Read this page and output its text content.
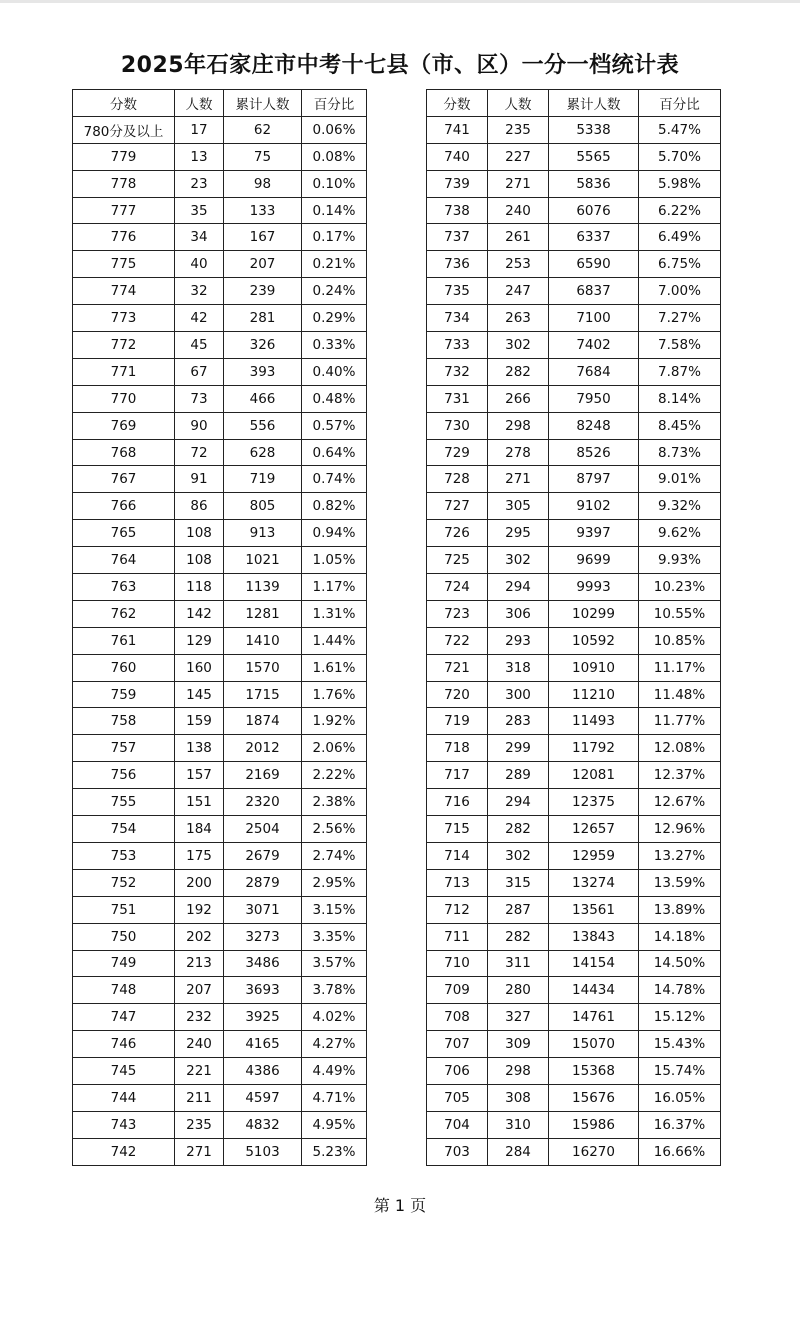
2025年石家庄市中考十七县（市、区）一分一档统计表
分数	人数	累计人数	百分比
780分及以上	17	62	0.06%
779	13	75	0.08%
778	23	98	0.10%
777	35	133	0.14%
776	34	167	0.17%
775	40	207	0.21%
774	32	239	0.24%
773	42	281	0.29%
772	45	326	0.33%
771	67	393	0.40%
770	73	466	0.48%
769	90	556	0.57%
768	72	628	0.64%
767	91	719	0.74%
766	86	805	0.82%
765	108	913	0.94%
764	108	1021	1.05%
763	118	1139	1.17%
762	142	1281	1.31%
761	129	1410	1.44%
760	160	1570	1.61%
759	145	1715	1.76%
758	159	1874	1.92%
757	138	2012	2.06%
756	157	2169	2.22%
755	151	2320	2.38%
754	184	2504	2.56%
753	175	2679	2.74%
752	200	2879	2.95%
751	192	3071	3.15%
750	202	3273	3.35%
749	213	3486	3.57%
748	207	3693	3.78%
747	232	3925	4.02%
746	240	4165	4.27%
745	221	4386	4.49%
744	211	4597	4.71%
743	235	4832	4.95%
742	271	5103	5.23%
分数	人数	累计人数	百分比
741	235	5338	5.47%
740	227	5565	5.70%
739	271	5836	5.98%
738	240	6076	6.22%
737	261	6337	6.49%
736	253	6590	6.75%
735	247	6837	7.00%
734	263	7100	7.27%
733	302	7402	7.58%
732	282	7684	7.87%
731	266	7950	8.14%
730	298	8248	8.45%
729	278	8526	8.73%
728	271	8797	9.01%
727	305	9102	9.32%
726	295	9397	9.62%
725	302	9699	9.93%
724	294	9993	10.23%
723	306	10299	10.55%
722	293	10592	10.85%
721	318	10910	11.17%
720	300	11210	11.48%
719	283	11493	11.77%
718	299	11792	12.08%
717	289	12081	12.37%
716	294	12375	12.67%
715	282	12657	12.96%
714	302	12959	13.27%
713	315	13274	13.59%
712	287	13561	13.89%
711	282	13843	14.18%
710	311	14154	14.50%
709	280	14434	14.78%
708	327	14761	15.12%
707	309	15070	15.43%
706	298	15368	15.74%
705	308	15676	16.05%
704	310	15986	16.37%
703	284	16270	16.66%
第 1 页
